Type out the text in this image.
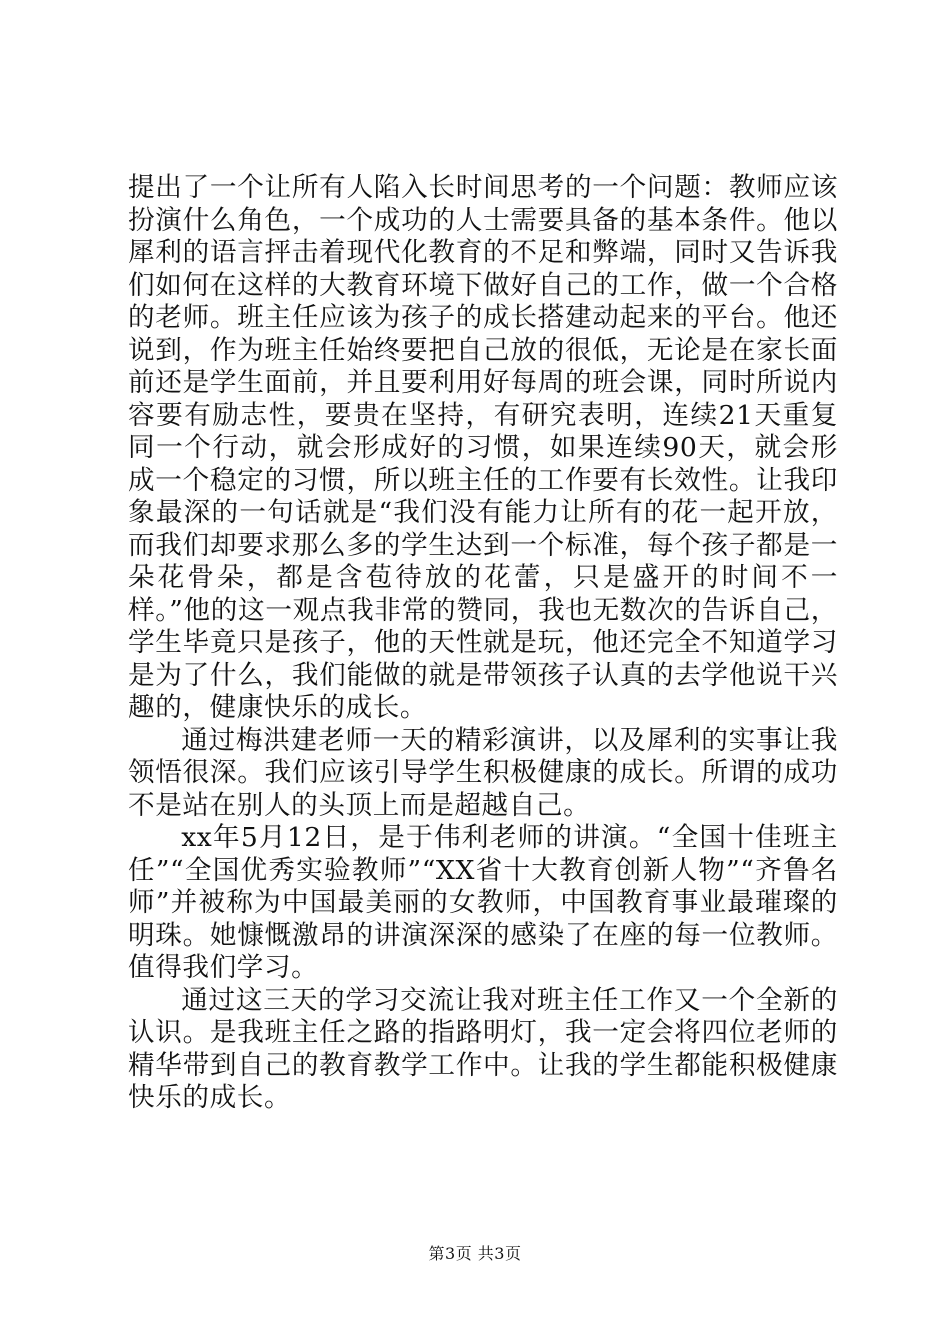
提出了一个让所有人陷入长时间思考的一个问题：教师应该扮演什么角色，一个成功的人士需要具备的基本条件。他以犀利的语言抨击着现代化教育的不足和弊端，同时又告诉我们如何在这样的大教育环境下做好自己的工作，做一个合格的老师。班主任应该为孩子的成长搭建动起来的平台。他还说到，作为班主任始终要把自己放的很低，无论是在家长面前还是学生面前，并且要利用好每周的班会课，同时所说内容要有励志性，要贵在坚持，有研究表明，连续21天重复同一个行动，就会形成好的习惯，如果连续90天，就会形成一个稳定的习惯，所以班主任的工作要有长效性。让我印象最深的一句话就是“我们没有能力让所有的花一起开放，而我们却要求那么多的学生达到一个标准，每个孩子都是一朵花骨朵，都是含苞待放的花蕾，只是盛开的时间不一样。”他的这一观点我非常的赞同，我也无数次的告诉自己，学生毕竟只是孩子，他的天性就是玩，他还完全不知道学习是为了什么，我们能做的就是带领孩子认真的去学他说干兴趣的，健康快乐的成长。

通过梅洪建老师一天的精彩演讲，以及犀利的实事让我领悟很深。我们应该引导学生积极健康的成长。所谓的成功不是站在别人的头顶上而是超越自己。

xx年5月12日，是于伟利老师的讲演。“全国十佳班主任”“全国优秀实验教师”“XX省十大教育创新人物”“齐鲁名师”并被称为中国最美丽的女教师，中国教育事业最璀璨的明珠。她慷慨激昂的讲演深深的感染了在座的每一位教师。值得我们学习。

通过这三天的学习交流让我对班主任工作又一个全新的认识。是我班主任之路的指路明灯，我一定会将四位老师的精华带到自己的教育教学工作中。让我的学生都能积极健康快乐的成长。

第3页 共3页
